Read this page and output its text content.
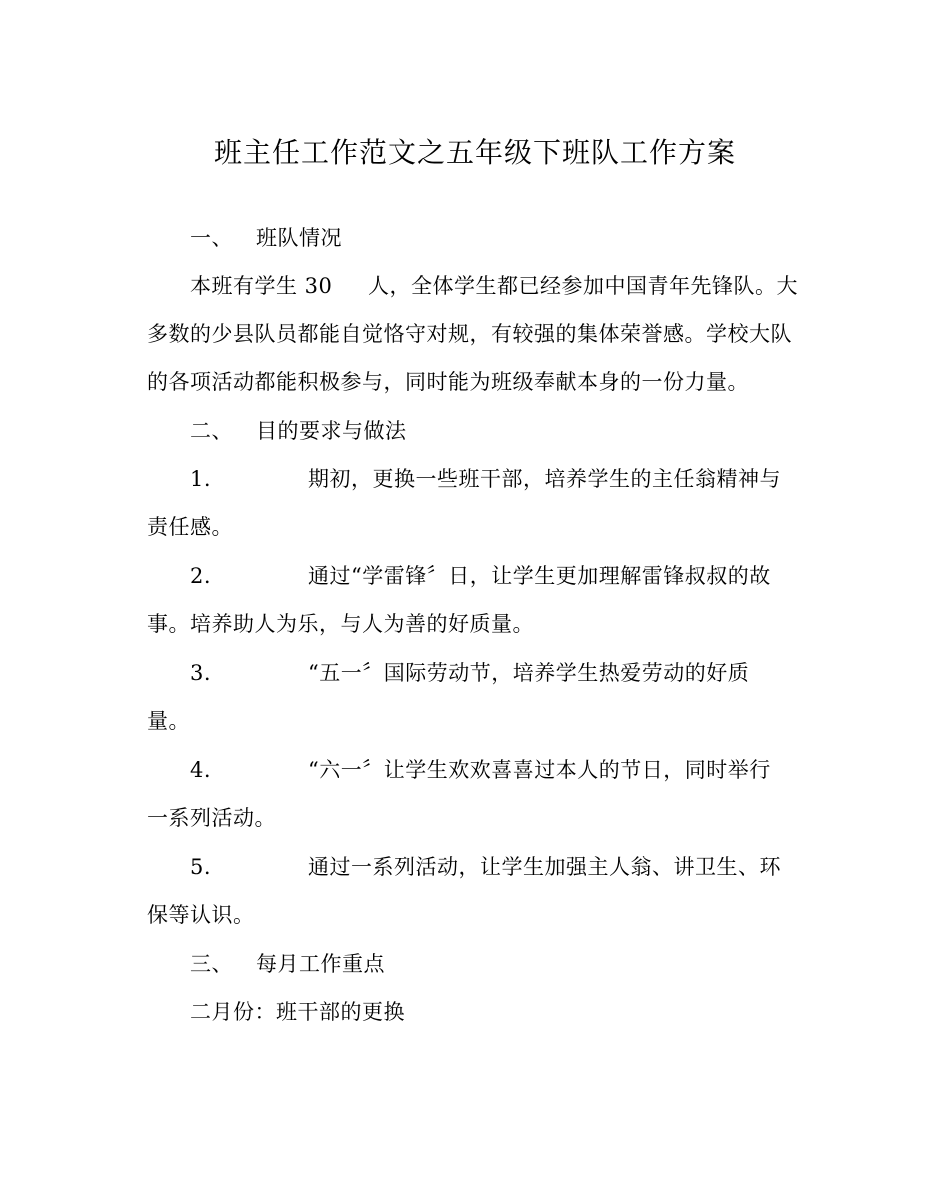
班主任工作范文之五年级下班队工作方案
一、 班队情况
本班有学生 30 人，全体学生都已经参加中国青年先锋队。大
多数的少县队员都能自觉恪守对规，有较强的集体荣誉感。学校大队
的各项活动都能积极参与，同时能为班级奉献本身的一份力量。
二、 目的要求与做法
1.	期初，更换一些班干部，培养学生的主任翁精神与
责任感。
2.	通过“学雷锋〞日，让学生更加理解雷锋叔叔的故
事。培养助人为乐，与人为善的好质量。
3.	“五一〞国际劳动节，培养学生热爱劳动的好质
量。
4.	“六一〞让学生欢欢喜喜过本人的节日，同时举行
一系列活动。
5.	通过一系列活动，让学生加强主人翁、讲卫生、环
保等认识。
三、 每月工作重点
二月份：班干部的更换
